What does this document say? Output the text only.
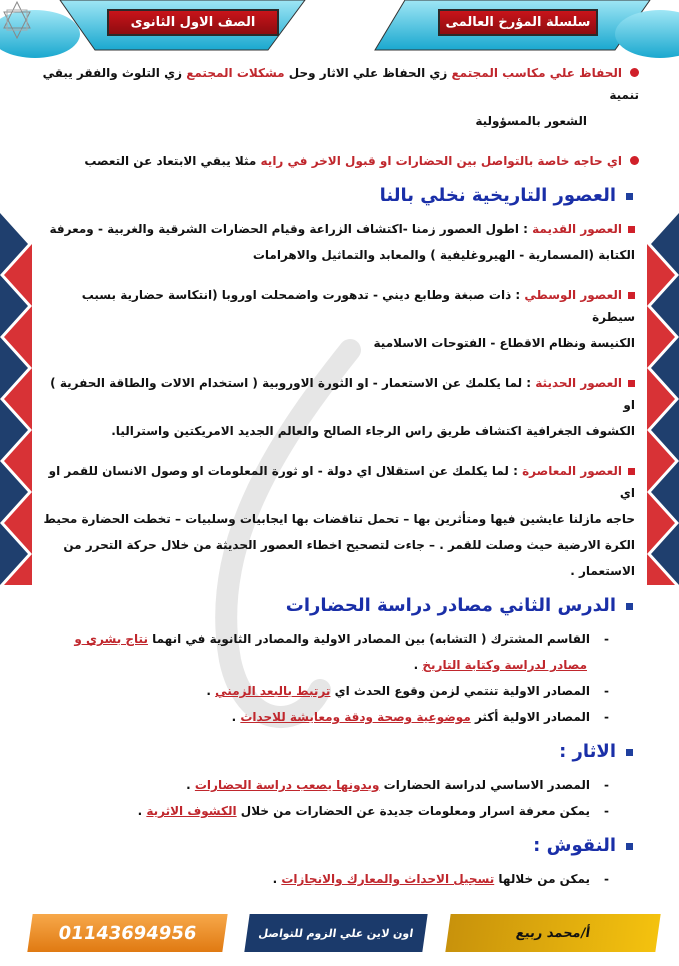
الصف الاول الثانوى	سلسلة المؤرخ العالمى
الحفاظ علي مكاسب المجتمع زي الحفاظ علي الاثار وحل مشكلات المجتمع زي التلوث والفقر يبقي تنمية
الشعور بالمسؤولية
اي حاجه خاصة بالتواصل بين الحضارات او قبول الاخر في رايه مثلا يبقي الابتعاد عن التعصب
العصور التاريخية نخلي بالنا
العصور القديمة : اطول العصور زمنا -اكتشاف الزراعة وقيام الحضارات الشرقية والغربية - ومعرفة
الكتابة (المسمارية - الهيروغليفية ) والمعابد والتماثيل والاهرامات
العصور الوسطي : ذات صبغة وطابع ديني - تدهورت واضمحلت اوروبا (انتكاسة حضارية بسبب سيطرة
الكنيسة ونظام الاقطاع - الفتوحات الاسلامية
العصور الحديثة : لما يكلمك عن الاستعمار - او الثورة الاوروبية ( استخدام الالات والطاقة الحفرية ) او
الكشوف الجغرافية اكتشاف طريق راس الرجاء الصالح والعالم الجديد الامريكتين واستراليا.
العصور المعاصرة : لما يكلمك عن استقلال اي دولة - او ثورة المعلومات او وصول الانسان للقمر او اي
حاجه مازلنا عايشين فيها ومتأثرين بها – تحمل تناقضات بها ايجابيات وسلبيات – تخطت الحضارة محيط
الكرة الارضية حيث وصلت للقمر . – جاءت لتصحيح اخطاء العصور الحديثة من خلال حركة التحرر من
الاستعمار .
الدرس الثاني مصادر دراسة الحضارات
-القاسم المشترك ( التشابه) بين المصادر الاولية والمصادر الثانوية في انهما نتاج بشري و
مصادر لدراسة وكتابة التاريخ .
-المصادر الاولية تنتمي لزمن وقوع الحدث اي ترتبط بالبعد الزمني .
-المصادر الاولية أكثر موضوعية وصحة ودقة ومعايشة للاحداث .
الاثار :
-المصدر الاساسي لدراسة الحضارات وبدونها يصعب دراسة الحضارات .
-يمكن معرفة اسرار ومعلومات جديدة عن الحضارات من خلال الكشوف الاثرية .
النقوش :
-يمكن من خلالها تسجيل الاحداث والمعارك والانجازات .
01143694956	اون لاين علي الزوم للتواصل	أ/محمد ربيع
